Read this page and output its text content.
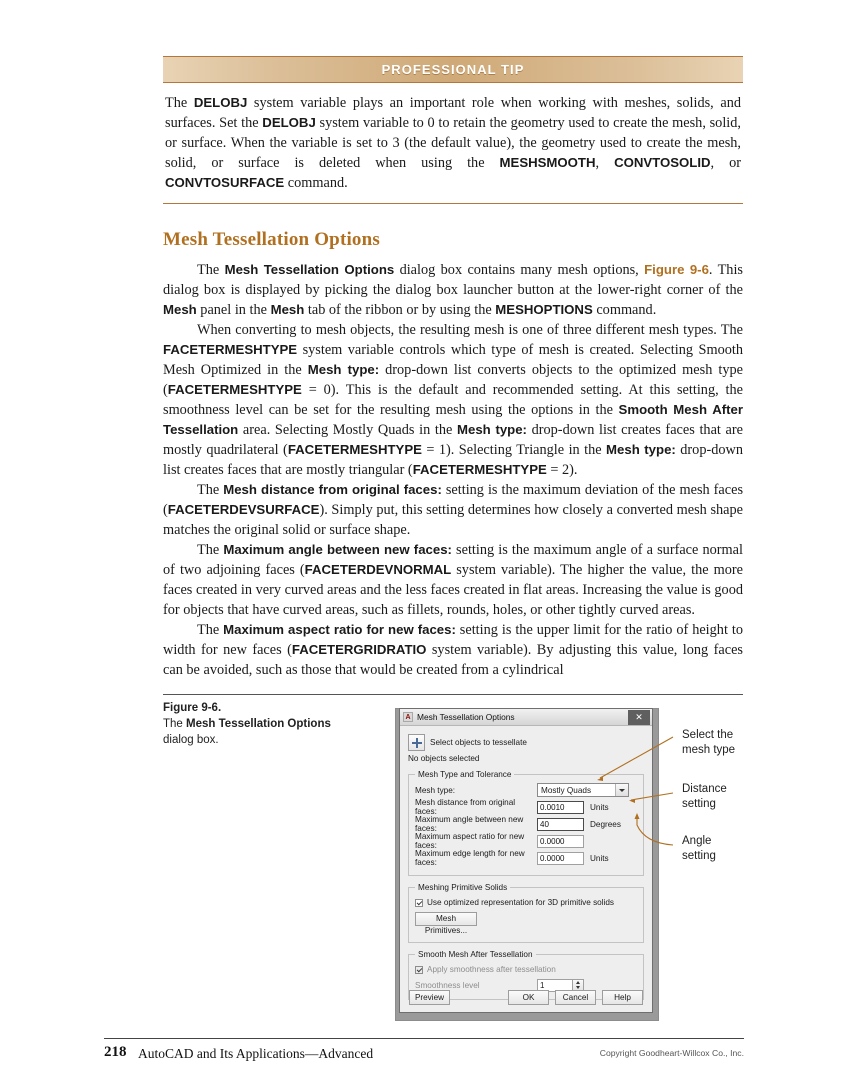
PROFESSIONAL TIP
The DELOBJ system variable plays an important role when working with meshes, solids, and surfaces. Set the DELOBJ system variable to 0 to retain the geometry used to create the mesh, solid, or surface. When the variable is set to 3 (the default value), the geometry used to create the mesh, solid, or surface is deleted when using the MESHSMOOTH, CONVTOSOLID, or CONVTOSURFACE command.
Mesh Tessellation Options

The Mesh Tessellation Options dialog box contains many mesh options, Figure 9-6. This dialog box is displayed by picking the dialog box launcher button at the lower-right corner of the Mesh panel in the Mesh tab of the ribbon or by using the MESHOPTIONS command.

When converting to mesh objects, the resulting mesh is one of three different mesh types. The FACETERMESHTYPE system variable controls which type of mesh is created. Selecting Smooth Mesh Optimized in the Mesh type: drop-down list converts objects to the optimized mesh type (FACETERMESHTYPE = 0). This is the default and recommended setting. At this setting, the smoothness level can be set for the resulting mesh using the options in the Smooth Mesh After Tessellation area. Selecting Mostly Quads in the Mesh type: drop-down list creates faces that are mostly quadrilateral (FACETERMESHTYPE = 1). Selecting Triangle in the Mesh type: drop-down list creates faces that are mostly triangular (FACETERMESHTYPE = 2).

The Mesh distance from original faces: setting is the maximum deviation of the mesh faces (FACETERDEVSURFACE). Simply put, this setting determines how closely a converted mesh shape matches the original solid or surface shape.

The Maximum angle between new faces: setting is the maximum angle of a surface normal of two adjoining faces (FACETERDEVNORMAL system variable). The higher the value, the more faces created in very curved areas and the less faces created in flat areas. Increasing the value is good for objects that have curved areas, such as fillets, rounds, holes, or other tightly curved areas.

The Maximum aspect ratio for new faces: setting is the upper limit for the ratio of height to width for new faces (FACETERGRIDRATIO system variable). By adjusting this value, long faces can be avoided, such as those that would be created from a cylindrical

Figure 9-6.
The Mesh Tessellation Options dialog box.
A Mesh Tessellation Options	✕
Select objects to tessellate
No objects selected
Mesh Type and Tolerance
Mesh type:	Mostly Quads
Mesh distance from original faces:	0.0010	Units
Maximum angle between new faces:	40	Degrees
Maximum aspect ratio for new faces:	0.0000
Maximum edge length for new faces:	0.0000	Units
Meshing Primitive Solids
Use optimized representation for 3D primitive solids
Mesh Primitives...
Smooth Mesh After Tessellation
Apply smoothness after tessellation
Smoothness level	1
Preview	OK	Cancel	Help
Select the
mesh type
Distance
setting
Angle
setting
218 AutoCAD and Its Applications—Advanced	Copyright Goodheart-Willcox Co., Inc.
